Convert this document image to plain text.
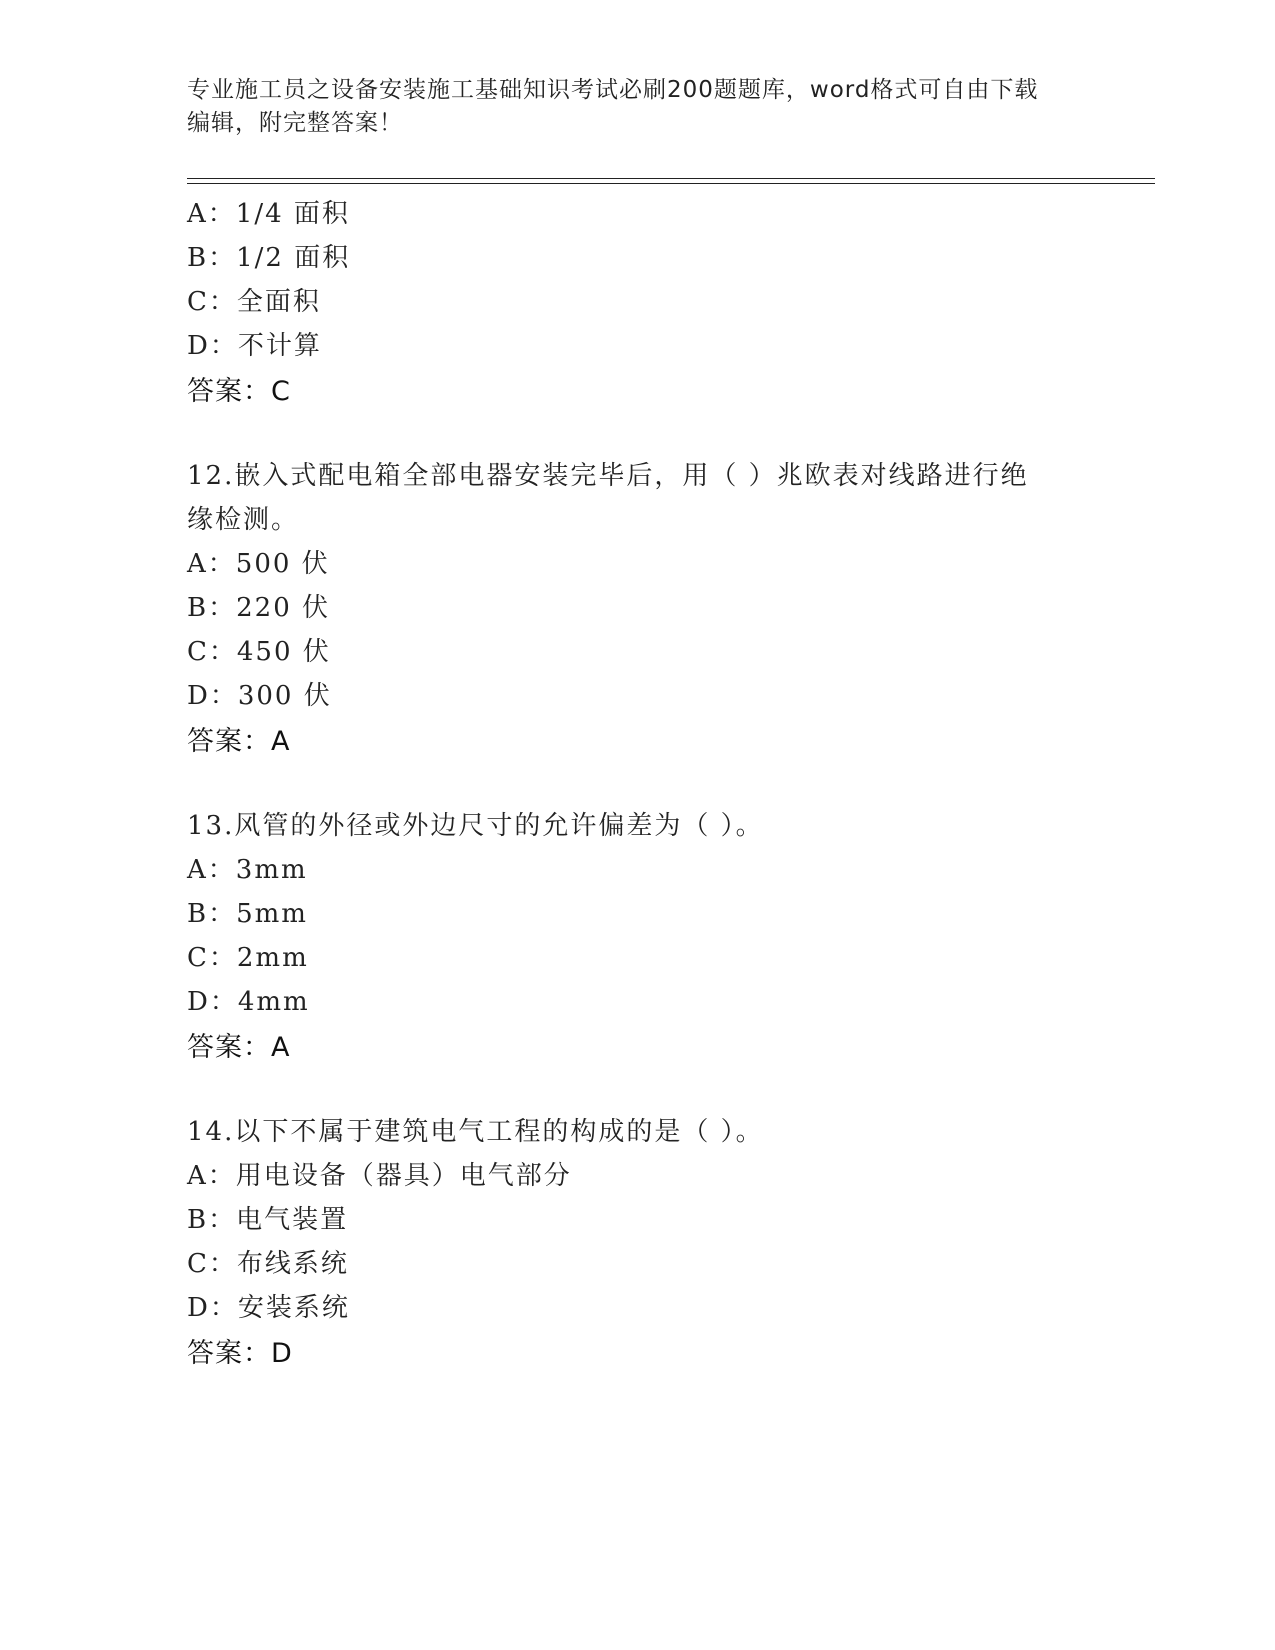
专业施工员之设备安装施工基础知识考试必刷200题题库，word格式可自由下载
编辑，附完整答案！
A：1/4 面积
B：1/2 面积
C：全面积
D：不计算
答案：C
12.嵌入式配电箱全部电器安装完毕后，用（ ）兆欧表对线路进行绝
缘检测。
A：500 伏
B：220 伏
C：450 伏
D：300 伏
答案：A
13.风管的外径或外边尺寸的允许偏差为（ ）。
A：3mm
B：5mm
C：2mm
D：4mm
答案：A
14.以下不属于建筑电气工程的构成的是（ ）。
A：用电设备（器具）电气部分
B：电气装置
C：布线系统
D：安装系统
答案：D
